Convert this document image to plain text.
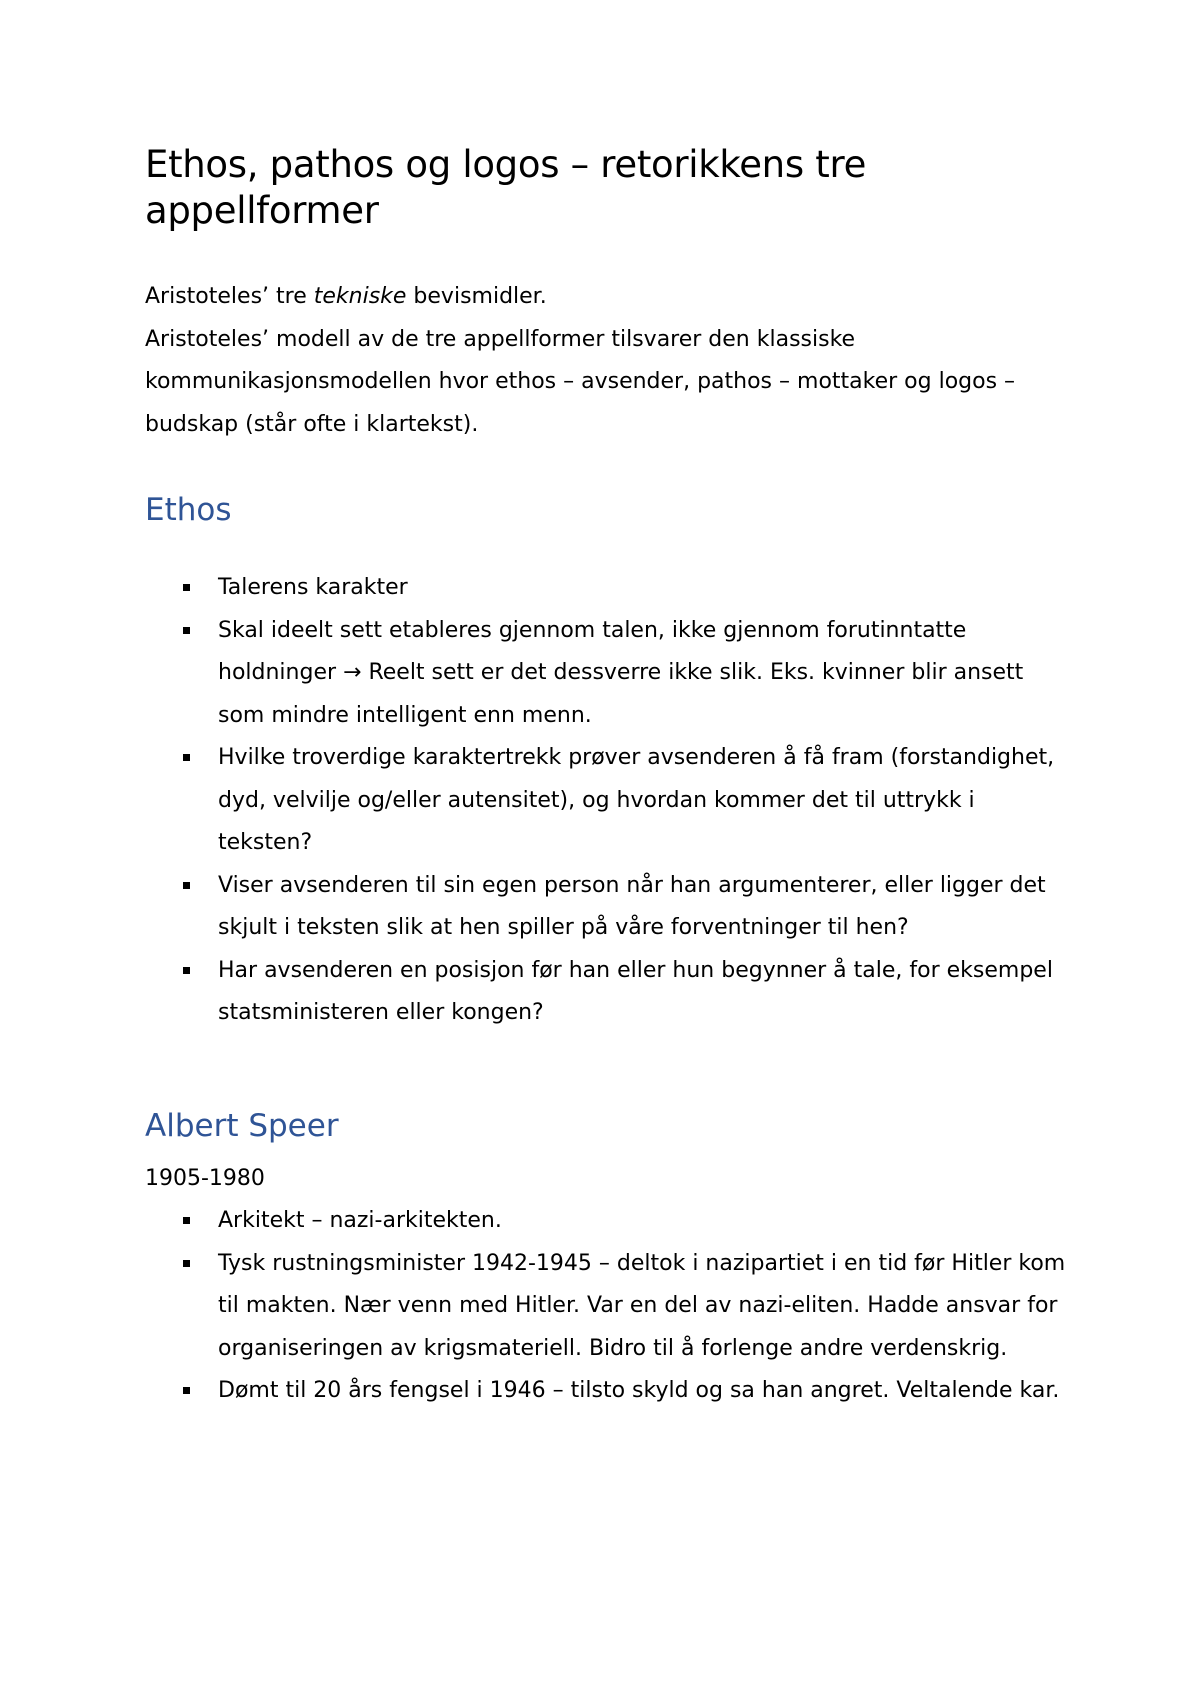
Ethos, pathos og logos – retorikkens tre appellformer

Aristoteles’ tre tekniske bevismidler.

Aristoteles’ modell av de tre appellformer tilsvarer den klassiske kommunikasjonsmodellen hvor ethos – avsender, pathos – mottaker og logos – budskap (står ofte i klartekst).

Ethos
Talerens karakter
Skal ideelt sett etableres gjennom talen, ikke gjennom forutinntatte holdninger → Reelt sett er det dessverre ikke slik. Eks. kvinner blir ansett som mindre intelligent enn menn.
Hvilke troverdige karaktertrekk prøver avsenderen å få fram (forstandighet, dyd, velvilje og/eller autensitet), og hvordan kommer det til uttrykk i teksten?
Viser avsenderen til sin egen person når han argumenterer, eller ligger det skjult i teksten slik at hen spiller på våre forventninger til hen?
Har avsenderen en posisjon før han eller hun begynner å tale, for eksempel statsministeren eller kongen?
Albert Speer

1905-1980

Arkitekt – nazi-arkitekten.
Tysk rustningsminister 1942-1945 – deltok i nazipartiet i en tid før Hitler kom til makten. Nær venn med Hitler. Var en del av nazi-eliten. Hadde ansvar for organiseringen av krigsmateriell. Bidro til å forlenge andre verdenskrig.
Dømt til 20 års fengsel i 1946 – tilsto skyld og sa han angret. Veltalende kar.
